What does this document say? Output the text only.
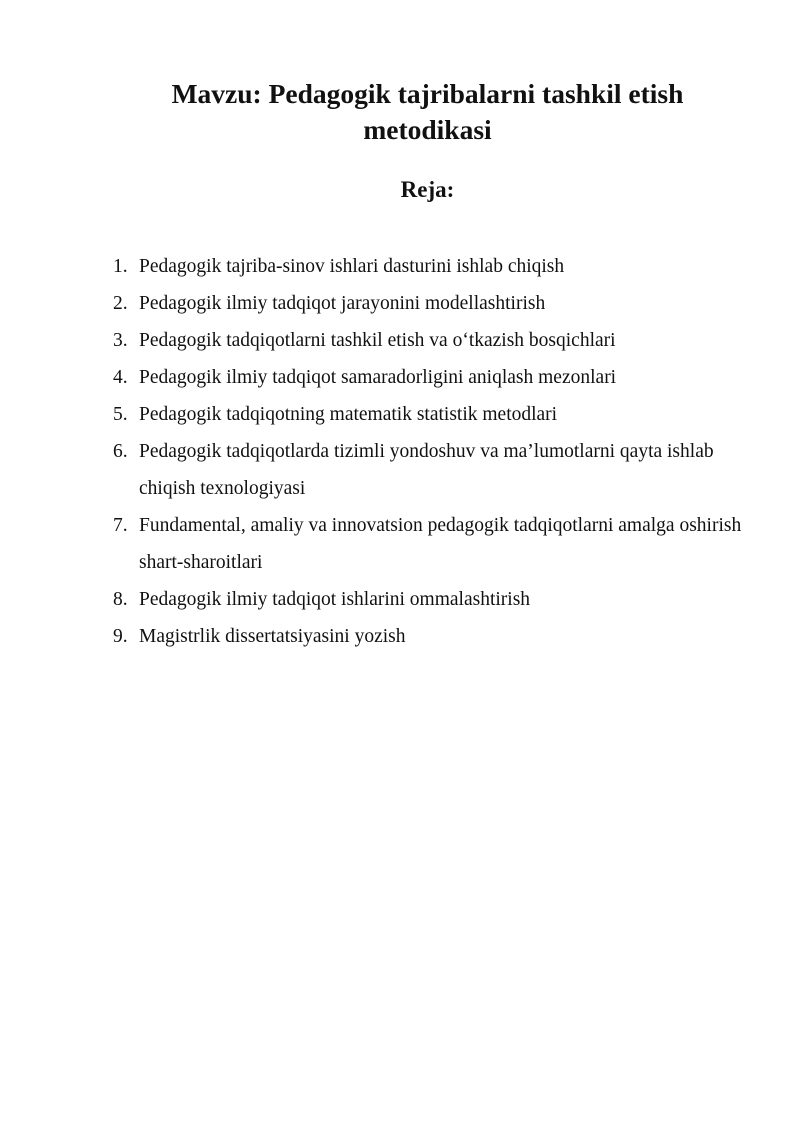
Mavzu: Pedagogik tajribalarni tashkil etish metodikasi
Reja:
1. Pedagogik tajriba-sinov ishlari dasturini ishlab chiqish
2. Pedagogik ilmiy tadqiqot jarayonini modellashtirish
3. Pedagogik tadqiqotlarni tashkil etish va o‘tkazish bosqichlari
4. Pedagogik ilmiy tadqiqot samaradorligini aniqlash mezonlari
5. Pedagogik tadqiqotning matematik statistik metodlari
6. Pedagogik tadqiqotlarda tizimli yondoshuv va ma’lumotlarni qayta ishlab chiqish texnologiyasi
7. Fundamental, amaliy va innovatsion pedagogik tadqiqotlarni amalga oshirish shart-sharoitlari
8. Pedagogik ilmiy tadqiqot ishlarini ommalashtirish
9. Magistrlik dissertatsiyasini yozish
